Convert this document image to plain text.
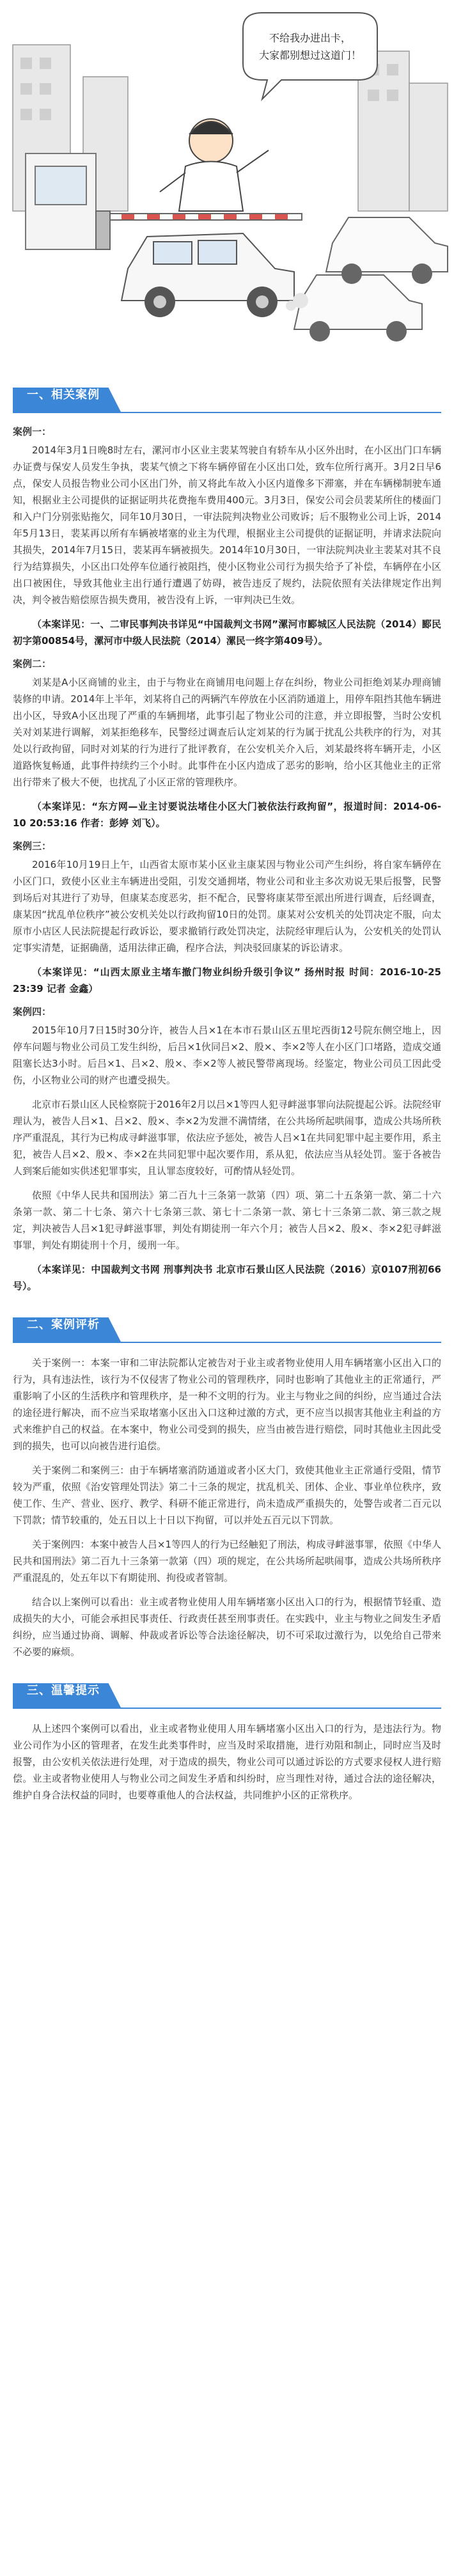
不给我办进出卡，
大家都别想过这道门！
一、相关案例
案例一：

2014年3月1日晚8时左右，漯河市小区业主裴某驾驶自有轿车从小区外出时，在小区出门口车辆办证费与保安人员发生争执，裴某气愤之下将车辆停留在小区出口处，致车位所行离开。3月2日早6点，保安人员报告物业公司小区出门外，前又将此车故入小区内道像多下滞塞，并在车辆梯制驶车通知，根据业主公司提供的证据证明共花费拖车费用400元。3月3日，保安公司会员裴某所住的楼面门和入户门分别张贴拖欠，同年10月30日，一审法院判决物业公司败诉；后不服物业公司上诉，2014年5月13日，裴某再以所有车辆被堵塞的业主为代理，根据业主公司提供的证据证明，并请求法院向其损失，2014年7月15日，裴某再车辆被损失。2014年10月30日，一审法院判决业主裴某对其不良行为结算损失，小区出口处停车位通行被阻挡，使小区物业公司行为损失给予了补偿，车辆停在小区出口被困住，导致其他业主出行通行遭遇了妨碍，被告违反了规约，法院依照有关法律规定作出判决，判令被告赔偿原告损失费用，被告没有上诉，一审判决已生效。

（本案详见：一、二审民事判决书详见“中国裁判文书网”漯河市郾城区人民法院（2014）郾民初字第00854号，漯河市中级人民法院（2014）漯民一终字第409号）。

案例二：

刘某是A小区商铺的业主，由于与物业在商铺用电问题上存在纠纷，物业公司拒绝刘某办理商铺装修的申请。2014年上半年，刘某将自己的两辆汽车停放在小区消防通道上，用停车阻挡其他车辆进出小区，导致A小区出现了严重的车辆拥堵，此事引起了物业公司的注意，并立即报警，当时公安机关对刘某进行调解，刘某拒绝移车，民警经过调查后认定刘某的行为属于扰乱公共秩序的行为，对其处以行政拘留，同时对刘某的行为进行了批评教育，在公安机关介入后，刘某最终将车辆开走，小区道路恢复畅通，此事件持续约三个小时。此事件在小区内造成了恶劣的影响，给小区其他业主的正常出行带来了极大不便，也扰乱了小区正常的管理秩序。

（本案详见：“东方网—业主讨要说法堵住小区大门被依法行政拘留”，报道时间：2014-06-10 20:53:16 作者：彭婷 刘飞）。

案例三：

2016年10月19日上午，山西省太原市某小区业主康某因与物业公司产生纠纷，将自家车辆停在小区门口，致使小区业主车辆进出受阻，引发交通拥堵，物业公司和业主多次劝说无果后报警，民警到场后对其进行了劝导，但康某态度恶劣，拒不配合，民警将康某带至派出所进行调查，后经调查，康某因“扰乱单位秩序”被公安机关处以行政拘留10日的处罚。康某对公安机关的处罚决定不服，向太原市小店区人民法院提起行政诉讼，要求撤销行政处罚决定，法院经审理后认为，公安机关的处罚认定事实清楚，证据确凿，适用法律正确，程序合法，判决驳回康某的诉讼请求。

（本案详见：“山西太原业主堵车撤门物业纠纷升级引争议” 扬州时报 时间：2016-10-25 23:39 记者 金鑫）

案例四：

2015年10月7日15时30分许，被告人吕×1在本市石景山区五里坨西街12号院东侧空地上，因停车问题与物业公司员工发生纠纷，后吕×1伙同吕×2、殷×、李×2等人在小区门口堵路，造成交通阻塞长达3小时。后吕×1、吕×2、殷×、李×2等人被民警带离现场。经鉴定，物业公司员工因此受伤，小区物业公司的财产也遭受损失。

北京市石景山区人民检察院于2016年2月以吕×1等四人犯寻衅滋事罪向法院提起公诉。法院经审理认为，被告人吕×1、吕×2、殷×、李×2为发泄不满情绪，在公共场所起哄闹事，造成公共场所秩序严重混乱，其行为已构成寻衅滋事罪，依法应予惩处，被告人吕×1在共同犯罪中起主要作用，系主犯，被告人吕×2、殷×、李×2在共同犯罪中起次要作用，系从犯，依法应当从轻处罚。鉴于各被告人到案后能如实供述犯罪事实，且认罪态度较好，可酌情从轻处罚。

依照《中华人民共和国刑法》第二百九十三条第一款第（四）项、第二十五条第一款、第二十六条第一款、第二十七条、第六十七条第三款、第七十二条第一款、第七十三条第二款、第三款之规定，判决被告人吕×1犯寻衅滋事罪，判处有期徒刑一年六个月；被告人吕×2、殷×、李×2犯寻衅滋事罪，判处有期徒刑十个月，缓刑一年。

（本案详见：中国裁判文书网 刑事判决书 北京市石景山区人民法院（2016）京0107刑初66号）。

二、案例评析

关于案例一：本案一审和二审法院都认定被告对于业主或者物业使用人用车辆堵塞小区出入口的行为，具有违法性，该行为不仅侵害了物业公司的管理秩序，同时也影响了其他业主的正常通行，严重影响了小区的生活秩序和管理秩序，是一种不文明的行为。业主与物业之间的纠纷，应当通过合法的途径进行解决，而不应当采取堵塞小区出入口这种过激的方式，更不应当以损害其他业主利益的方式来维护自己的权益。在本案中，物业公司受到的损失，应当由被告进行赔偿，同时其他业主因此受到的损失，也可以向被告进行追偿。

关于案例二和案例三：由于车辆堵塞消防通道或者小区大门，致使其他业主正常通行受阻，情节较为严重，依照《治安管理处罚法》第二十三条的规定，扰乱机关、团体、企业、事业单位秩序，致使工作、生产、营业、医疗、教学、科研不能正常进行，尚未造成严重损失的，处警告或者二百元以下罚款；情节较重的，处五日以上十日以下拘留，可以并处五百元以下罚款。

关于案例四：本案中被告人吕×1等四人的行为已经触犯了刑法，构成寻衅滋事罪，依照《中华人民共和国刑法》第二百九十三条第一款第（四）项的规定，在公共场所起哄闹事，造成公共场所秩序严重混乱的，处五年以下有期徒刑、拘役或者管制。

结合以上案例可以看出：业主或者物业使用人用车辆堵塞小区出入口的行为，根据情节轻重、造成损失的大小，可能会承担民事责任、行政责任甚至刑事责任。在实践中，业主与物业之间发生矛盾纠纷，应当通过协商、调解、仲裁或者诉讼等合法途径解决，切不可采取过激行为，以免给自己带来不必要的麻烦。

三、温馨提示

从上述四个案例可以看出，业主或者物业使用人用车辆堵塞小区出入口的行为，是违法行为。物业公司作为小区的管理者，在发生此类事件时，应当及时采取措施，进行劝阻和制止，同时应当及时报警，由公安机关依法进行处理，对于造成的损失，物业公司可以通过诉讼的方式要求侵权人进行赔偿。业主或者物业使用人与物业公司之间发生矛盾和纠纷时，应当理性对待，通过合法的途径解决，维护自身合法权益的同时，也要尊重他人的合法权益，共同维护小区的正常秩序。
